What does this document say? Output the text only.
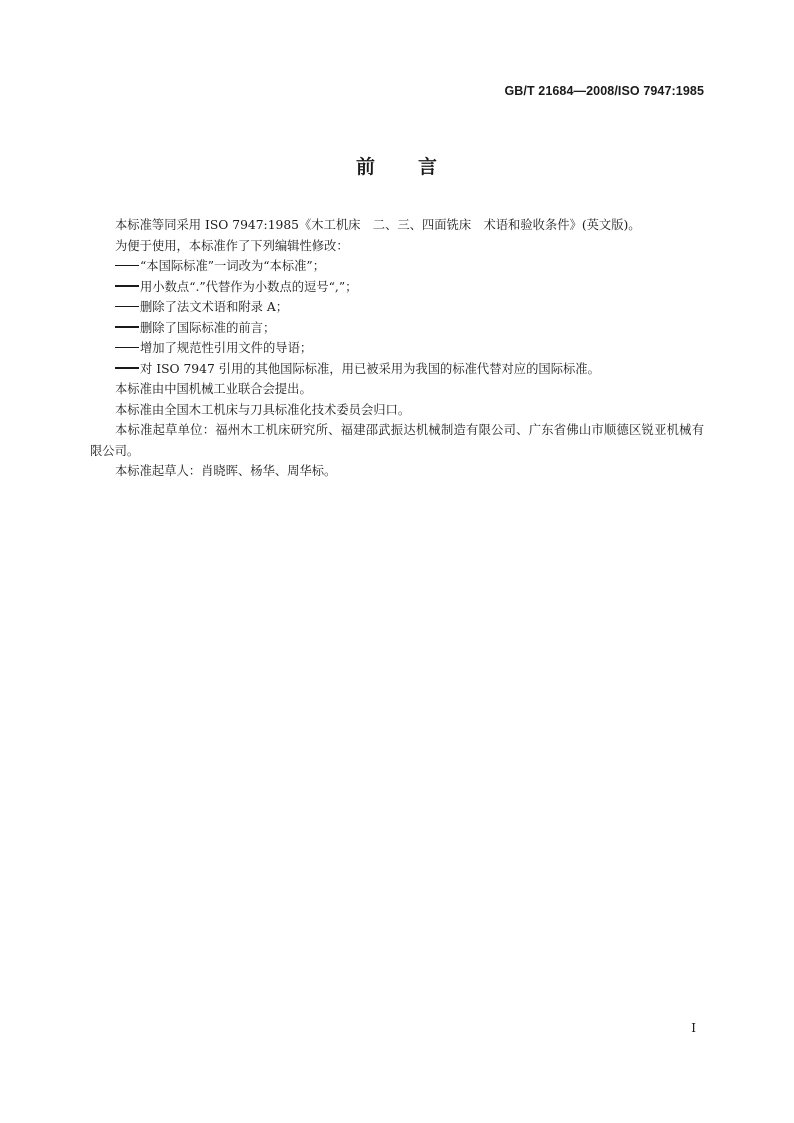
GB/T 21684—2008/ISO 7947:1985
前 言

本标准等同采用 ISO 7947:1985《木工机床　二、三、四面铣床　术语和验收条件》(英文版)。

为便于使用，本标准作了下列编辑性修改：

“本国际标准”一词改为“本标准”；

用小数点“.”代替作为小数点的逗号“,”；

删除了法文术语和附录 A；

删除了国际标准的前言；

增加了规范性引用文件的导语；

对 ISO 7947 引用的其他国际标准，用已被采用为我国的标准代替对应的国际标准。

本标准由中国机械工业联合会提出。

本标准由全国木工机床与刀具标准化技术委员会归口。

本标准起草单位：福州木工机床研究所、福建邵武振达机械制造有限公司、广东省佛山市顺德区锐亚机械有限公司。

本标准起草人：肖晓晖、杨华、周华标。

I
